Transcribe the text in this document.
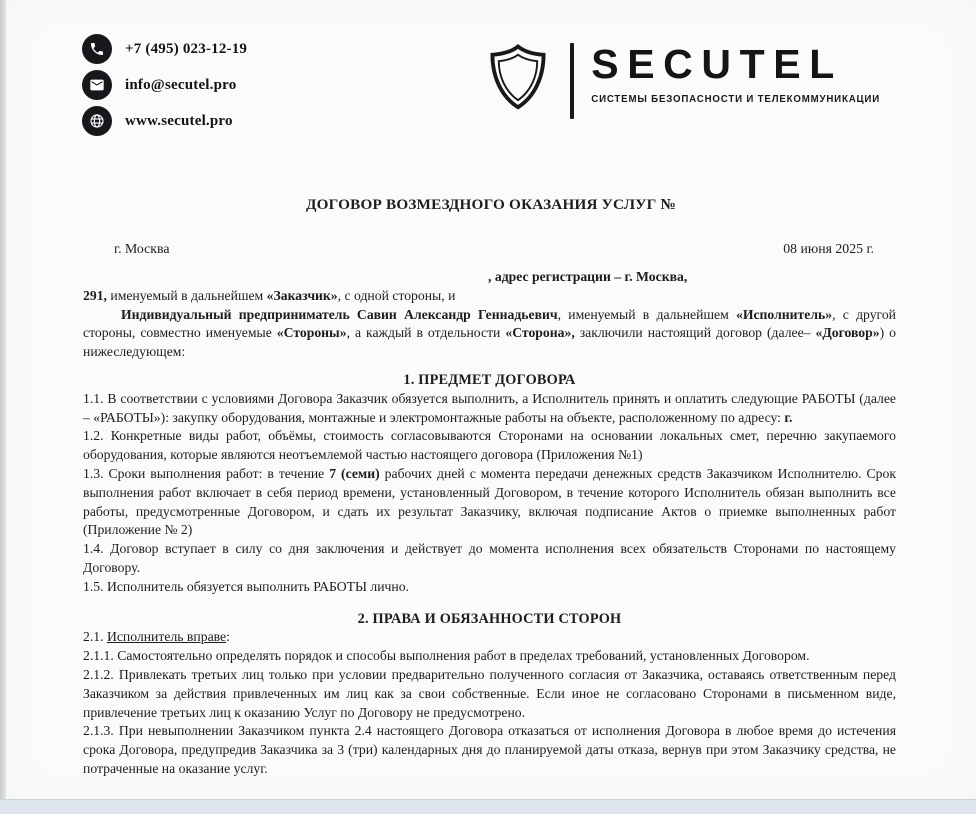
+7 (495) 023-12-19
info@secutel.pro
www.secutel.pro
SECUTEL
СИСТЕМЫ БЕЗОПАСНОСТИ И ТЕЛЕКОММУНИКАЦИИ
ДОГОВОР ВОЗМЕЗДНОГО ОКАЗАНИЯ УСЛУГ №
г. Москва	08 июня 2025 г.
, адрес регистрации – г. Москва,
291, именуемый в дальнейшем «Заказчик», с одной стороны, и
Индивидуальный предприниматель Савин Александр Геннадьевич, именуемый в дальнейшем «Исполнитель», с другой стороны, совместно именуемые «Стороны», а каждый в отдельности «Сторона», заключили настоящий договор (далее– «Договор») о нижеследующем:
1. ПРЕДМЕТ ДОГОВОРА
1.1. В соответствии с условиями Договора Заказчик обязуется выполнить, а Исполнитель принять и оплатить следующие РАБОТЫ (далее – «РАБОТЫ»): закупку оборудования, монтажные и электромонтажные работы на объекте, расположенному по адресу: г.
1.2. Конкретные виды работ, объёмы, стоимость согласовываются Сторонами на основании локальных смет, перечню закупаемого оборудования, которые являются неотъемлемой частью настоящего договора (Приложения №1)
1.3. Сроки выполнения работ: в течение 7 (семи) рабочих дней с момента передачи денежных средств Заказчиком Исполнителю. Срок выполнения работ включает в себя период времени, установленный Договором, в течение которого Исполнитель обязан выполнить все работы, предусмотренные Договором, и сдать их результат Заказчику, включая подписание Актов о приемке выполненных работ (Приложение № 2)
1.4. Договор вступает в силу со дня заключения и действует до момента исполнения всех обязательств Сторонами по настоящему Договору.
1.5. Исполнитель обязуется выполнить РАБОТЫ лично.
2. ПРАВА И ОБЯЗАННОСТИ СТОРОН
2.1. Исполнитель вправе:
2.1.1. Самостоятельно определять порядок и способы выполнения работ в пределах требований, установленных Договором.
2.1.2. Привлекать третьих лиц только при условии предварительно полученного согласия от Заказчика, оставаясь ответственным перед Заказчиком за действия привлеченных им лиц как за свои собственные. Если иное не согласовано Сторонами в письменном виде, привлечение третьих лиц к оказанию Услуг по Договору не предусмотрено.
2.1.3. При невыполнении Заказчиком пункта 2.4 настоящего Договора отказаться от исполнения Договора в любое время до истечения срока Договора, предупредив Заказчика за 3 (три) календарных дня до планируемой даты отказа, вернув при этом Заказчику средства, не потраченные на оказание услуг.
